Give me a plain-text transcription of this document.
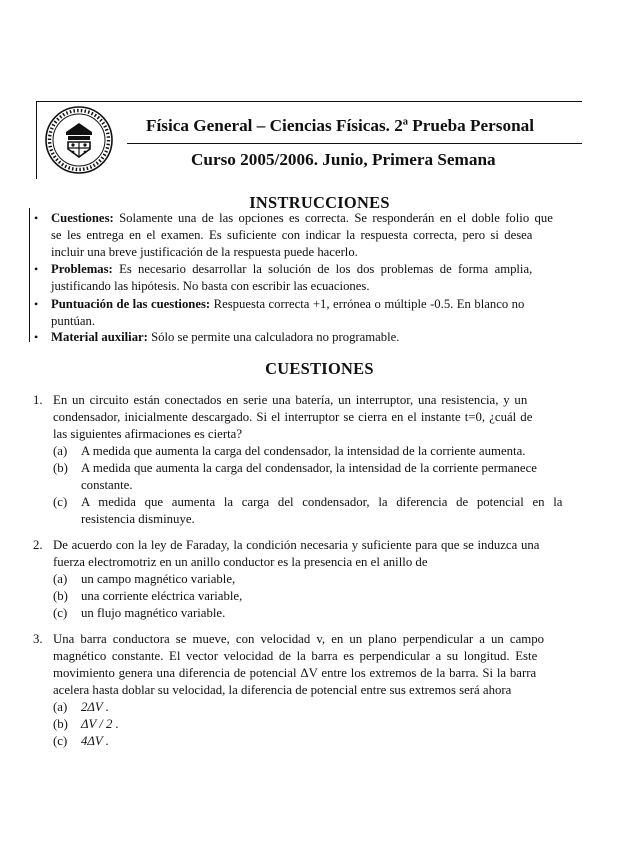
Física General – Ciencias Físicas. 2ª Prueba Personal
Curso 2005/2006. Junio, Primera Semana
INSTRUCCIONES
• Cuestiones: Solamente una de las opciones es correcta. Se responderán en el doble folio que
se les entrega en el examen. Es suficiente con indicar la respuesta correcta, pero si desea
incluir una breve justificación de la respuesta puede hacerlo.
• Problemas: Es necesario desarrollar la solución de los dos problemas de forma amplia,
justificando las hipótesis. No basta con escribir las ecuaciones.
• Puntuación de las cuestiones: Respuesta correcta +1, errónea o múltiple -0.5. En blanco no
puntúan.
• Material auxiliar: Sólo se permite una calculadora no programable.
CUESTIONES
1. En un circuito están conectados en serie una batería, un interruptor, una resistencia, y un
condensador, inicialmente descargado. Si el interruptor se cierra en el instante t=0, ¿cuál de
las siguientes afirmaciones es cierta?
(a) A medida que aumenta la carga del condensador, la intensidad de la corriente aumenta.
(b) A medida que aumenta la carga del condensador, la intensidad de la corriente permanece
constante.
(c) A medida que aumenta la carga del condensador, la diferencia de potencial en la
resistencia disminuye.
2. De acuerdo con la ley de Faraday, la condición necesaria y suficiente para que se induzca una
fuerza electromotriz en un anillo conductor es la presencia en el anillo de
(a) un campo magnético variable,
(b) una corriente eléctrica variable,
(c) un flujo magnético variable.
3. Una barra conductora se mueve, con velocidad v, en un plano perpendicular a un campo
magnético constante. El vector velocidad de la barra es perpendicular a su longitud. Este
movimiento genera una diferencia de potencial ΔV entre los extremos de la barra. Si la barra
acelera hasta doblar su velocidad, la diferencia de potencial entre sus extremos será ahora
(a) 2ΔV .
(b) ΔV / 2 .
(c) 4ΔV .
